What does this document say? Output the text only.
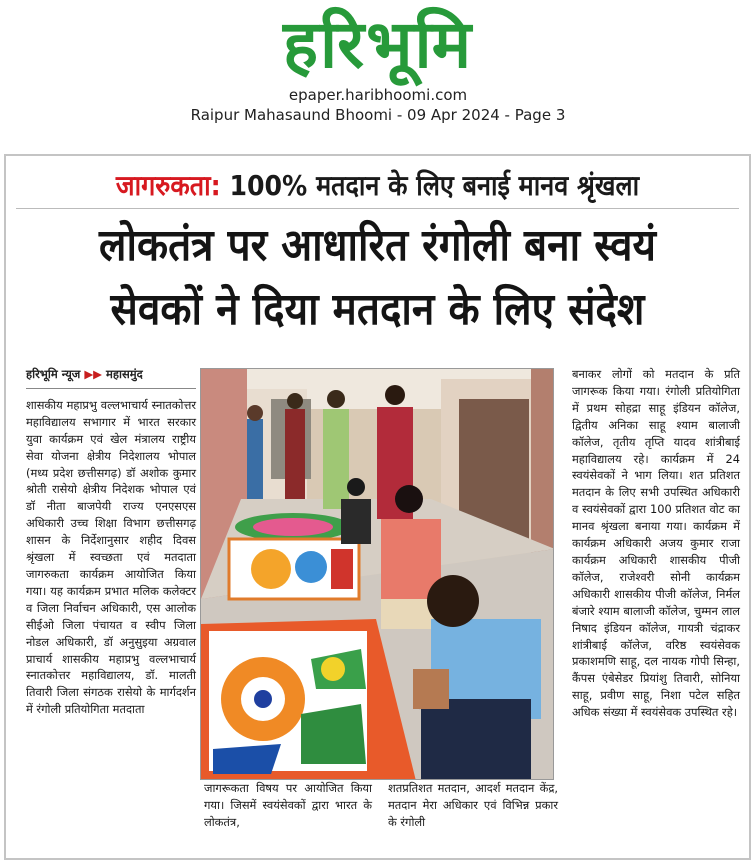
हरिभूमि
epaper.haribhoomi.com
Raipur Mahasaund Bhoomi - 09 Apr 2024 - Page 3
जागरुकता: 100% मतदान के लिए बनाई मानव श्रृंखला
लोकतंत्र पर आधारित रंगोली बना स्वयं
सेवकों ने दिया मतदान के लिए संदेश
हरिभूमि न्यूज ▶▶ महासमुंद
शासकीय महाप्रभु वल्लभाचार्य स्नातकोत्तर महाविद्यालय सभागार में भारत सरकार युवा कार्यक्रम एवं खेल मंत्रालय राष्ट्रीय सेवा योजना क्षेत्रीय निदेशालय भोपाल (मध्य प्रदेश छत्तीसगढ़) डॉ अशोक कुमार श्रोती रासेयो क्षेत्रीय निदेशक भोपाल एवं डॉ नीता बाजपेयी राज्य एनएसएस अधिकारी उच्च शिक्षा विभाग छत्तीसगढ़ शासन के निर्देशानुसार शहीद दिवस श्रृंखला में स्वच्छता एवं मतदाता जागरुकता कार्यक्रम आयोजित किया गया। यह कार्यक्रम प्रभात मलिक कलेक्टर व जिला निर्वाचन अधिकारी, एस आलोक सीईओ जिला पंचायत व स्वीप जिला नोडल अधिकारी, डॉ अनुसुइया अग्रवाल प्राचार्य शासकीय महाप्रभु वल्लभाचार्य स्नातकोत्तर महाविद्यालय, डॉ. मालती तिवारी जिला संगठक रासेयो के मार्गदर्शन में रंगोली प्रतियोगिता मतदाता
जागरूकता विषय पर आयोजित किया गया। जिसमें स्वयंसेवकों द्वारा भारत के लोकतंत्र,
शतप्रतिशत मतदान, आदर्श मतदान केंद्र, मतदान मेरा अधिकार एवं विभिन्न प्रकार के रंगोली
बनाकर लोगों को मतदान के प्रति जागरूक किया गया। रंगोली प्रतियोगिता में प्रथम सोहद्रा साहू इंडियन कॉलेज, द्वितीय अनिका साहू श्याम बालाजी कॉलेज, तृतीय तृप्ति यादव शांत्रीबाई महाविद्यालय रहे। कार्यक्रम में 24 स्वयंसेवकों ने भाग लिया। शत प्रतिशत मतदान के लिए सभी उपस्थित अधिकारी व स्वयंसेवकों द्वारा 100 प्रतिशत वोट का मानव श्रृंखला बनाया गया। कार्यक्रम में कार्यक्रम अधिकारी अजय कुमार राजा कार्यक्रम अधिकारी शासकीय पीजी कॉलेज, राजेश्वरी सोनी कार्यक्रम अधिकारी शासकीय पीजी कॉलेज, निर्मल बंजारे श्याम बालाजी कॉलेज, चुम्मन लाल निषाद इंडियन कॉलेज, गायत्री चंद्राकर शांत्रीबाई कॉलेज, वरिष्ठ स्वयंसेवक प्रकाशमणि साहू, दल नायक गोपी सिन्हा, कैंपस एंबेसेडर प्रियांशु तिवारी, सोनिया साहू, प्रवीण साहू, निशा पटेल सहित अधिक संख्या में स्वयंसेवक उपस्थित रहे।
